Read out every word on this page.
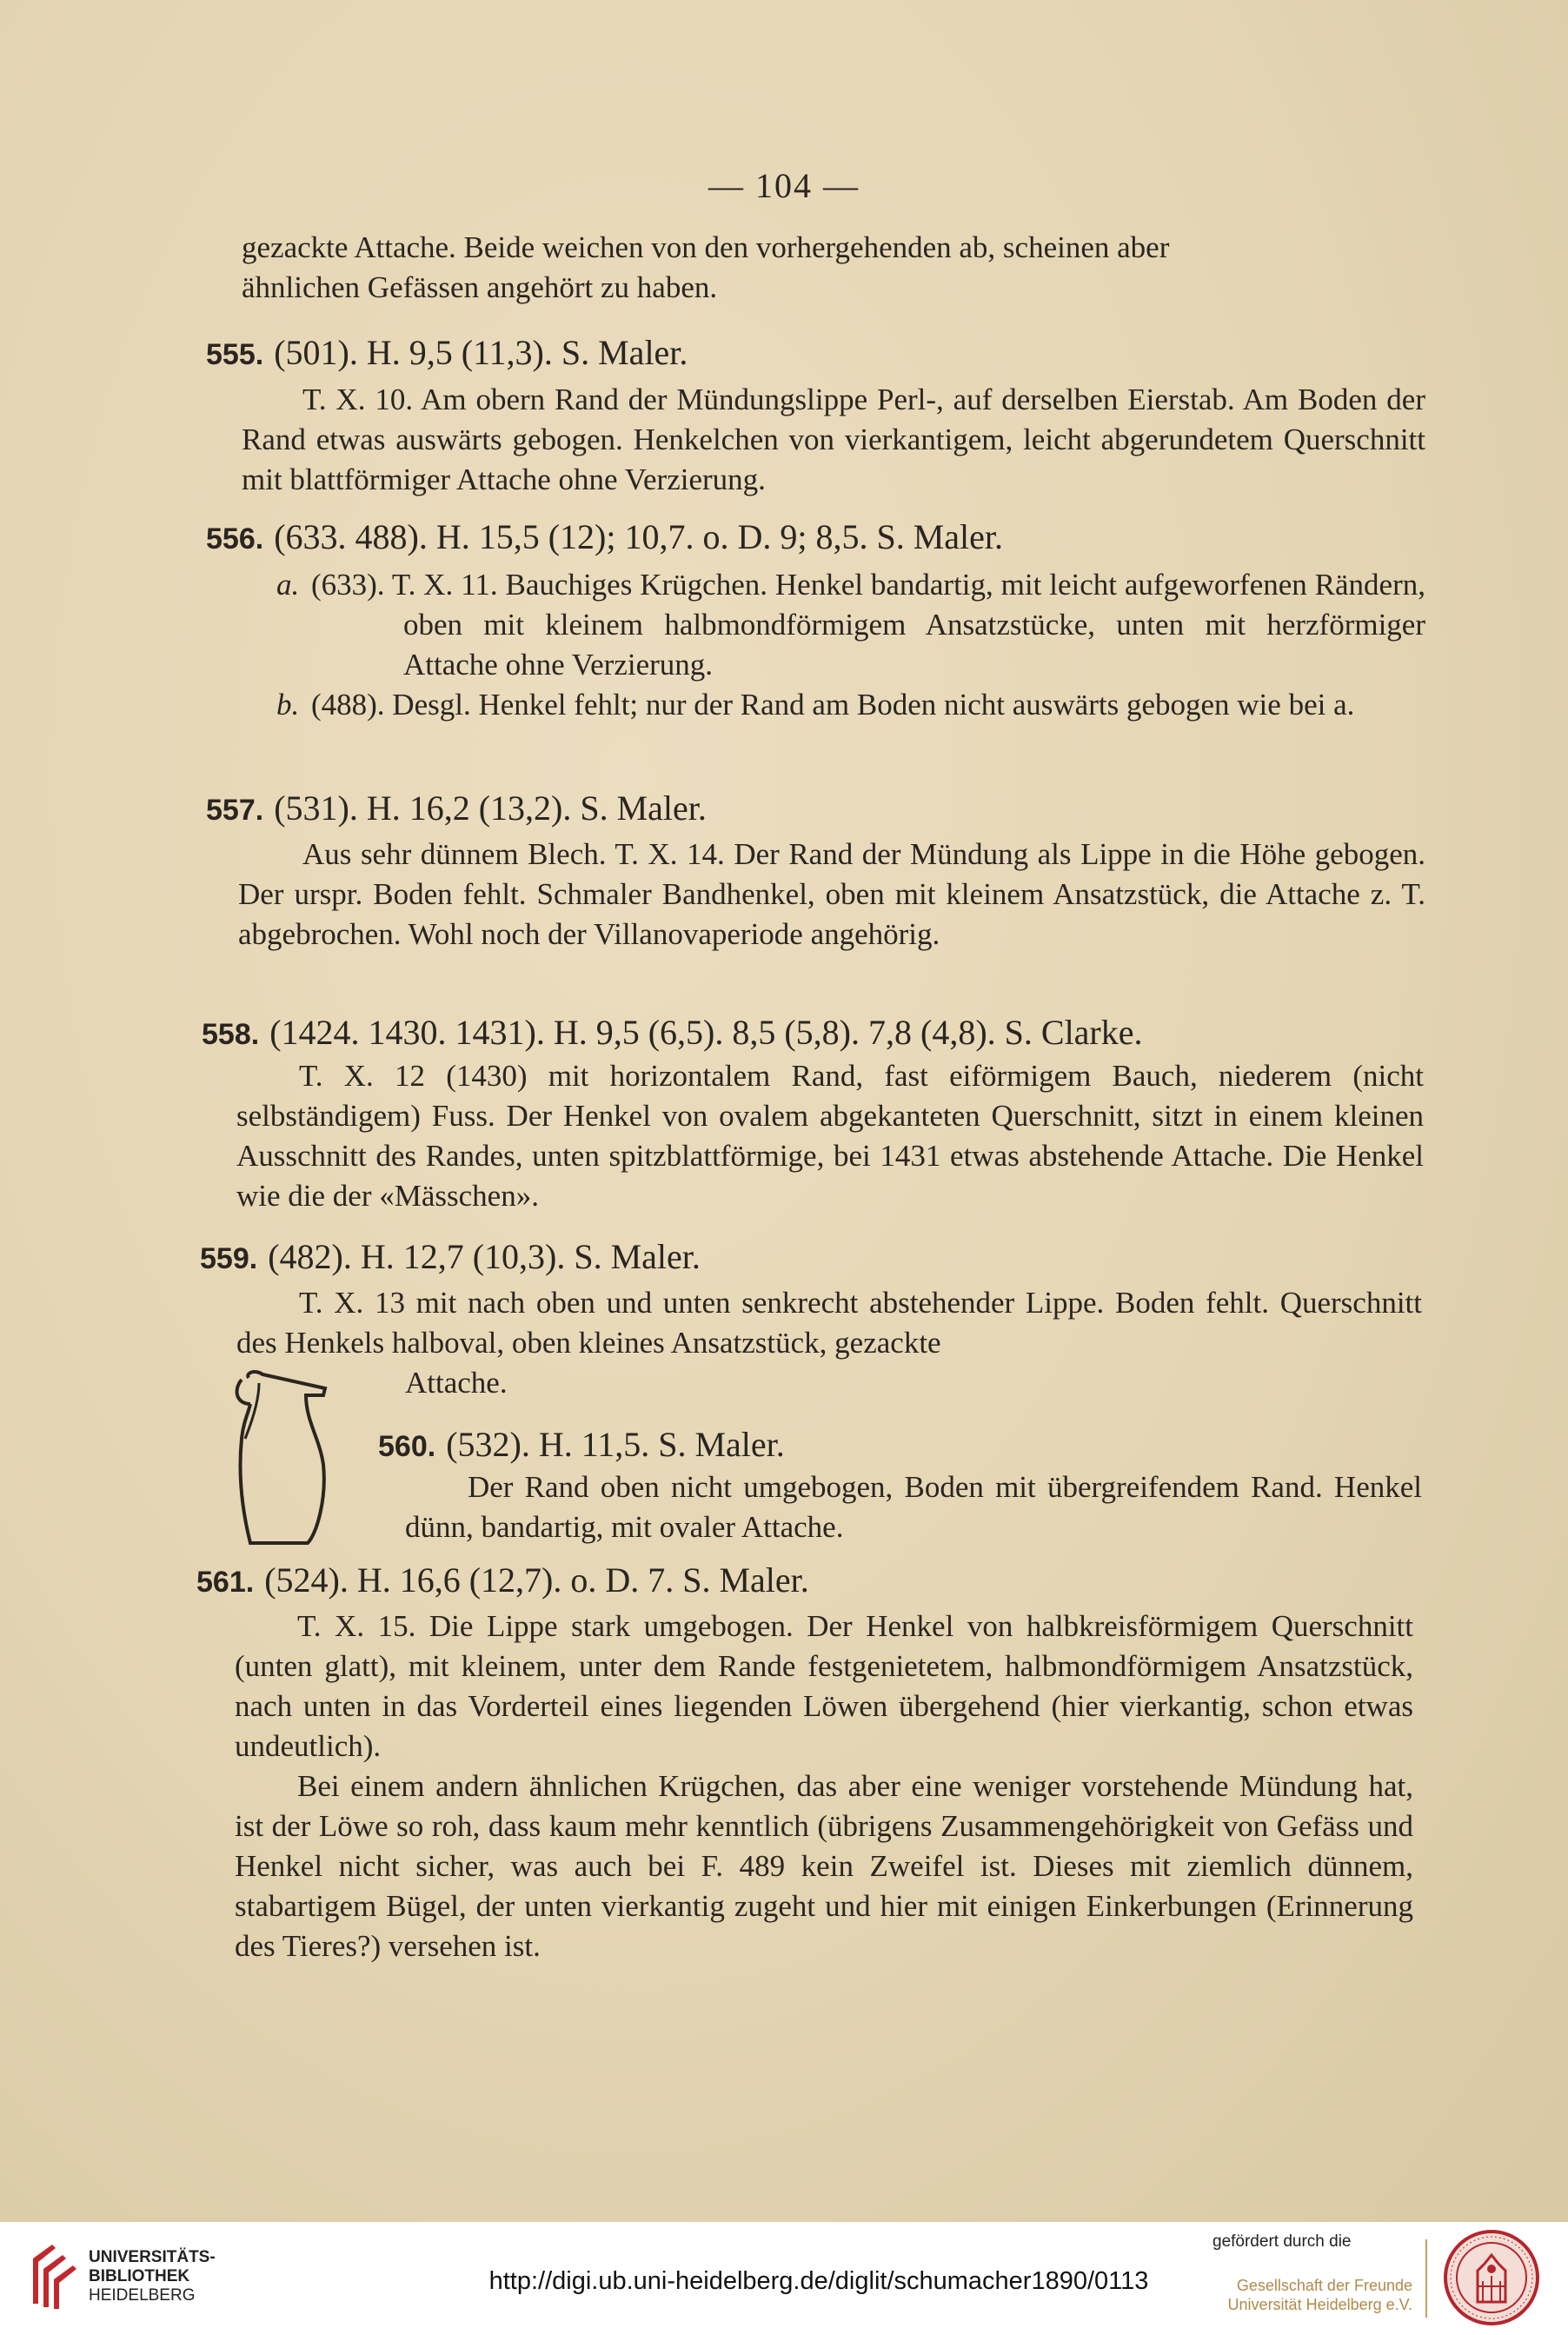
— 104 —

gezackte Attache. Beide weichen von den vorhergehenden ab, scheinen aber

ähnlichen Gefässen angehört zu haben.

555. (501). H. 9,5 (11,3). S. Maler.

T. X. 10. Am obern Rand der Mündungslippe Perl-, auf derselben Eierstab. Am Boden der Rand etwas auswärts gebogen. Henkelchen von vierkantigem, leicht abgerundetem Querschnitt mit blattförmiger Attache ohne Verzierung.

556. (633. 488). H. 15,5 (12); 10,7. o. D. 9; 8,5. S. Maler.

a. (633). T. X. 11. Bauchiges Krügchen. Henkel bandartig, mit leicht aufgeworfenen Rändern, oben mit kleinem halbmondförmigem Ansatzstücke, unten mit herzförmiger Attache ohne Verzierung.

b. (488). Desgl. Henkel fehlt; nur der Rand am Boden nicht auswärts gebogen wie bei a.

557. (531). H. 16,2 (13,2). S. Maler.

Aus sehr dünnem Blech. T. X. 14. Der Rand der Mündung als Lippe in die Höhe gebogen. Der urspr. Boden fehlt. Schmaler Bandhenkel, oben mit kleinem Ansatzstück, die Attache z. T. abgebrochen. Wohl noch der Villanovaperiode angehörig.

558. (1424. 1430. 1431). H. 9,5 (6,5). 8,5 (5,8). 7,8 (4,8). S. Clarke.

T. X. 12 (1430) mit horizontalem Rand, fast eiförmigem Bauch, niederem (nicht selbständigem) Fuss. Der Henkel von ovalem abgekanteten Querschnitt, sitzt in einem kleinen Ausschnitt des Randes, unten spitzblattförmige, bei 1431 etwas abstehende Attache. Die Henkel wie die der «Mässchen».

559. (482). H. 12,7 (10,3). S. Maler.

T. X. 13 mit nach oben und unten senkrecht abstehender Lippe. Boden fehlt. Querschnitt des Henkels halboval, oben kleines Ansatzstück, gezackte

Attache.

560. (532). H. 11,5. S. Maler.

Der Rand oben nicht umgebogen, Boden mit übergreifendem Rand. Henkel dünn, bandartig, mit ovaler Attache.

561. (524). H. 16,6 (12,7). o. D. 7. S. Maler.

T. X. 15. Die Lippe stark umgebogen. Der Henkel von halbkreisförmigem Querschnitt (unten glatt), mit kleinem, unter dem Rande festgenietetem, halbmondförmigem Ansatzstück, nach unten in das Vorderteil eines liegenden Löwen übergehend (hier vierkantig, schon etwas undeutlich).

Bei einem andern ähnlichen Krügchen, das aber eine weniger vorstehende Mündung hat, ist der Löwe so roh, dass kaum mehr kenntlich (übrigens Zusammengehörigkeit von Gefäss und Henkel nicht sicher, was auch bei F. 489 kein Zweifel ist. Dieses mit ziemlich dünnem, stabartigem Bügel, der unten vierkantig zugeht und hier mit einigen Einkerbungen (Erinnerung des Tieres?) versehen ist.

UNIVERSITÄTS-
BIBLIOTHEK
HEIDELBERG
http://digi.ub.uni-heidelberg.de/diglit/schumacher1890/0113
gefördert durch die
Gesellschaft der Freunde
Universität Heidelberg e.V.
